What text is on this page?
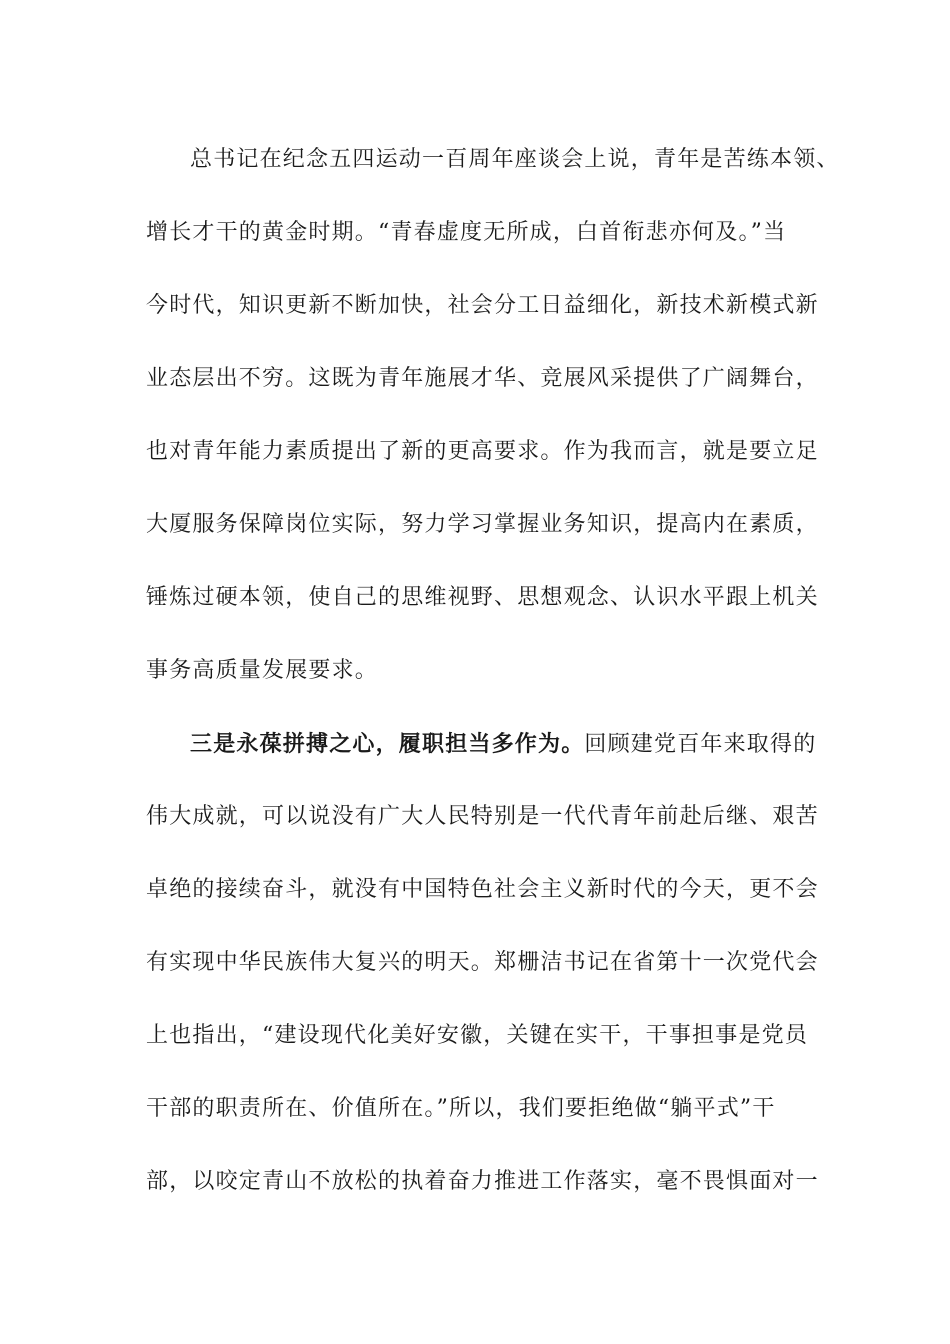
总书记在纪念五四运动一百周年座谈会上说，青年是苦练本领、
增长才干的黄金时期。“青春虚度无所成，白首衔悲亦何及。”当
今时代，知识更新不断加快，社会分工日益细化，新技术新模式新
业态层出不穷。这既为青年施展才华、竞展风采提供了广阔舞台，
也对青年能力素质提出了新的更高要求。作为我而言，就是要立足
大厦服务保障岗位实际，努力学习掌握业务知识，提高内在素质，
锤炼过硬本领，使自己的思维视野、思想观念、认识水平跟上机关
事务高质量发展要求。
三是永葆拼搏之心，履职担当多作为。回顾建党百年来取得的
伟大成就，可以说没有广大人民特别是一代代青年前赴后继、艰苦
卓绝的接续奋斗，就没有中国特色社会主义新时代的今天，更不会
有实现中华民族伟大复兴的明天。郑栅洁书记在省第十一次党代会
上也指出，“建设现代化美好安徽，关键在实干，干事担事是党员
干部的职责所在、价值所在。”所以，我们要拒绝做“躺平式”干
部，以咬定青山不放松的执着奋力推进工作落实，毫不畏惧面对一
